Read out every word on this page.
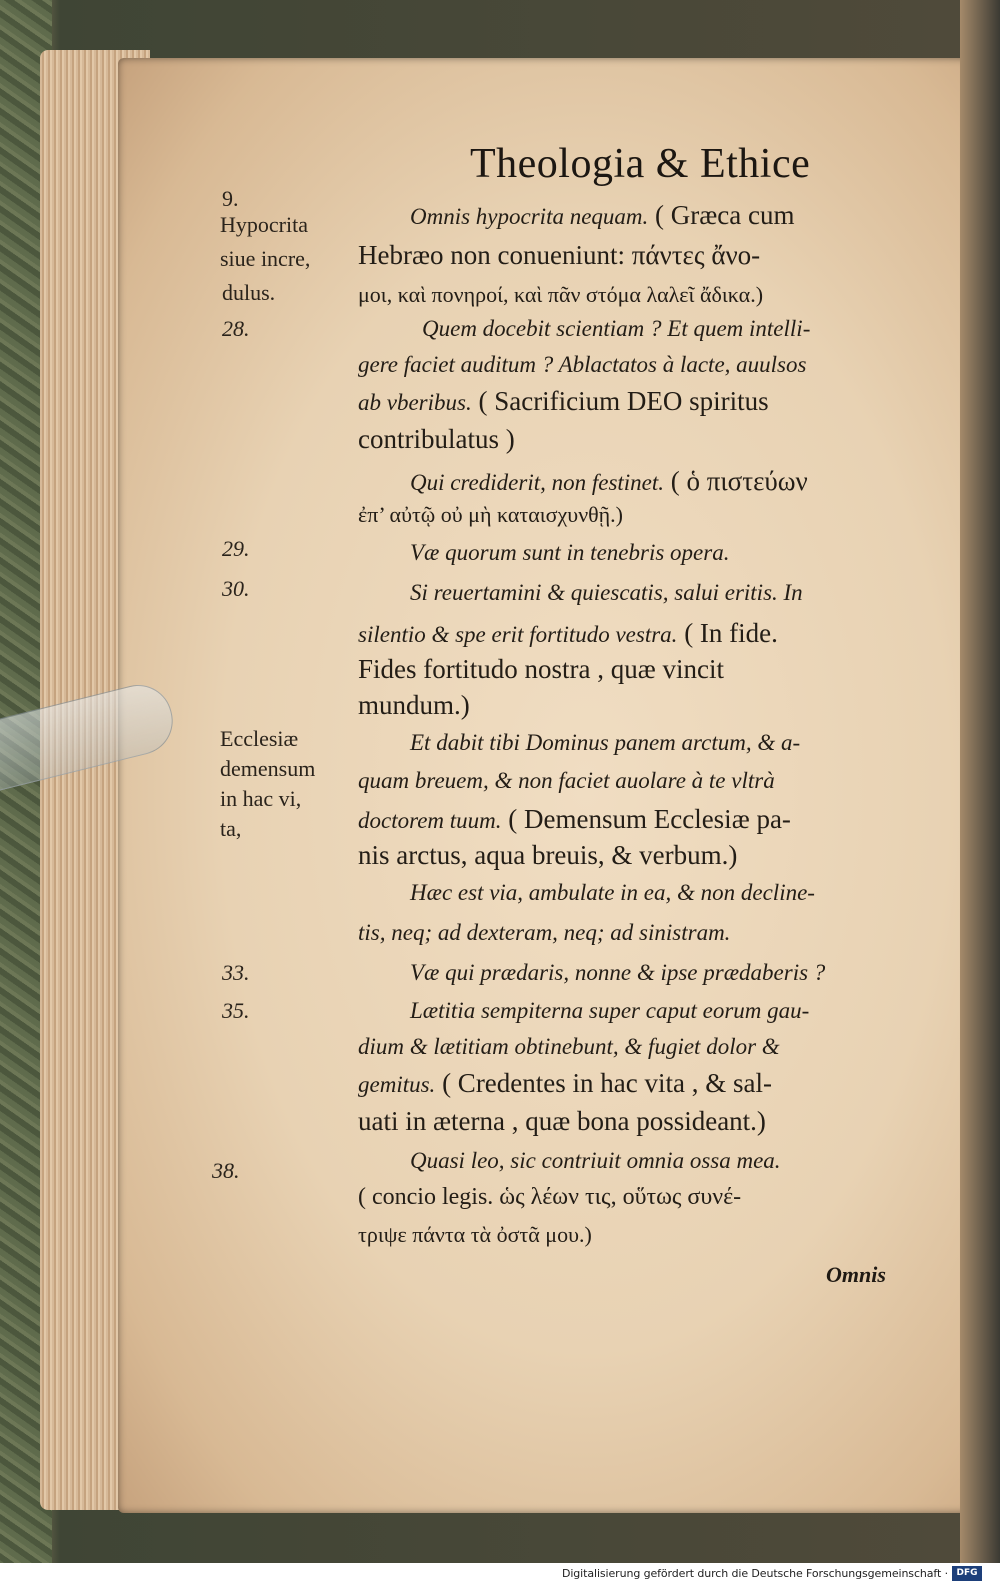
Theologia & Ethice
9.
Hypocrita
siue incre,
dulus.
28.
29.
30.
Ecclesiæ
demensum
in hac vi,
ta,
33.
35.
38.
Omnis hypocrita nequam. ( Græca cum
Hebræo non conueniunt: πάντες ἄνο-
μοι, καὶ πονηροί, καὶ πᾶν στόμα λαλεῖ ἄδικα.)
Quem docebit scientiam ? Et quem intelli-
gere faciet auditum ? Ablactatos à lacte, auulsos
ab vberibus. ( Sacrificium DEO spiritus
contribulatus )
Qui crediderit, non festinet. ( ὁ πιστεύων
ἐπ’ αὐτῷ οὐ μὴ καταισχυνθῇ.)
Væ quorum sunt in tenebris opera.
Si reuertamini & quiescatis, salui eritis. In
silentio & spe erit fortitudo vestra. ( In fide.
Fides fortitudo nostra , quæ vincit
mundum.)
Et dabit tibi Dominus panem arctum, & a-
quam breuem, & non faciet auolare à te vltrà
doctorem tuum. ( Demensum Ecclesiæ pa-
nis arctus, aqua breuis, & verbum.)
Hæc est via, ambulate in ea, & non decline-
tis, neq; ad dexteram, neq; ad sinistram.
Væ qui prædaris, nonne & ipse prædaberis ?
Lætitia sempiterna super caput eorum gau-
dium & lætitiam obtinebunt, & fugiet dolor &
gemitus. ( Credentes in hac vita , & sal-
uati in æterna , quæ bona possideant.)
Quasi leo, sic contriuit omnia ossa mea.
( concio legis. ὡς λέων τις, οὕτως συνέ-
τριψε πάντα τὰ ὀστᾶ μου.)
Omnis
Digitalisierung gefördert durch die Deutsche Forschungsgemeinschaft · DFG
